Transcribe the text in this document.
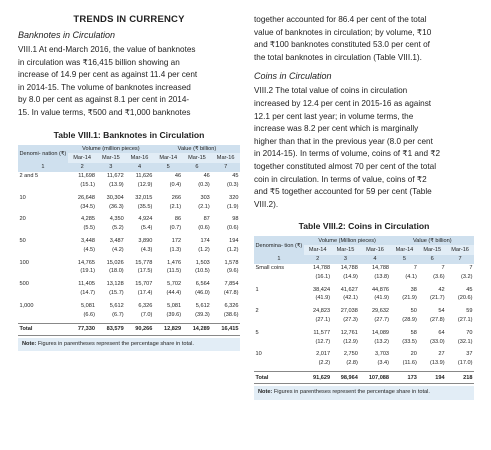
TRENDS IN CURRENCY
Banknotes in Circulation

VIII.1 At end-March 2016, the value of banknotes

in circulation was ₹16,415 billion showing an

increase of 14.9 per cent as against 11.4 per cent

in 2014-15. The volume of banknotes increased

by 8.0 per cent as against 8.1 per cent in 2014-

15. In value terms, ₹500 and ₹1,000 banknotes

Table VIII.1: Banknotes in Circulation
Denomi- nation (₹)	Volume (million pieces)			Value (₹ billion)		
	Mar-14	Mar-15	Mar-16	Mar-14	Mar-15	Mar-16
1	2	3	4	5	6	7
2 and 5	11,698	11,672	11,626	46	46	45
	(15.1)	(13.9)	(12.9)	(0.4)	(0.3)	(0.3)

10	26,648	30,304	32,015	266	303	320
	(34.5)	(36.3)	(35.5)	(2.1)	(2.1)	(1.9)

20	4,285	4,350	4,924	86	87	98
	(5.5)	(5.2)	(5.4)	(0.7)	(0.6)	(0.6)

50	3,448	3,487	3,890	172	174	194
	(4.5)	(4.2)	(4.3)	(1.3)	(1.2)	(1.2)

100	14,765	15,026	15,778	1,476	1,503	1,578
	(19.1)	(18.0)	(17.5)	(11.5)	(10.5)	(9.6)

500	11,405	13,128	15,707	5,702	6,564	7,854
	(14.7)	(15.7)	(17.4)	(44.4)	(46.0)	(47.8)

1,000	5,081	5,612	6,326	5,081	5,612	6,326
	(6.6)	(6.7)	(7.0)	(39.6)	(39.3)	(38.6)

Total	77,330	83,579	90,266	12,829	14,289	16,415
Note: Figures in parentheses represent the percentage share in total.

together accounted for 86.4 per cent of the total

value of banknotes in circulation; by volume, ₹10

and ₹100 banknotes constituted 53.0 per cent of

the total banknotes in circulation (Table VIII.1).

Coins in Circulation

VIII.2 The total value of coins in circulation

increased by 12.4 per cent in 2015-16 as against

12.1 per cent last year; in volume terms, the

increase was 8.2 per cent which is marginally

higher than that in the previous year (8.0 per cent

in 2014-15). In terms of volume, coins of ₹1 and ₹2

together constituted almost 70 per cent of the total

coin in circulation. In terms of value, coins of ₹2

and ₹5 together accounted for 59 per cent (Table

VIII.2).

Table VIII.2: Coins in Circulation
Denomina- tion (₹)	Volume (Million pieces)			Value (₹ billion)		
	Mar-14	Mar-15	Mar-16	Mar-14	Mar-15	Mar-16
1	2	3	4	5	6	7
Small coins	14,788	14,788	14,788	7	7	7
	(16.1)	(14.9)	(13.8)	(4.1)	(3.6)	(3.2)

1	38,424	41,627	44,876	38	42	45
	(41.9)	(42.1)	(41.9)	(21.9)	(21.7)	(20.6)

2	24,823	27,038	29,632	50	54	59
	(27.1)	(27.3)	(27.7)	(28.9)	(27.8)	(27.1)

5	11,577	12,761	14,089	58	64	70
	(12.7)	(12.9)	(13.2)	(33.5)	(33.0)	(32.1)

10	2,017	2,750	3,703	20	27	37
	(2.2)	(2.8)	(3.4)	(11.6)	(13.9)	(17.0)

Total	91,629	98,964	107,088	173	194	218
Note: Figures in parentheses represent the percentage share in total.
